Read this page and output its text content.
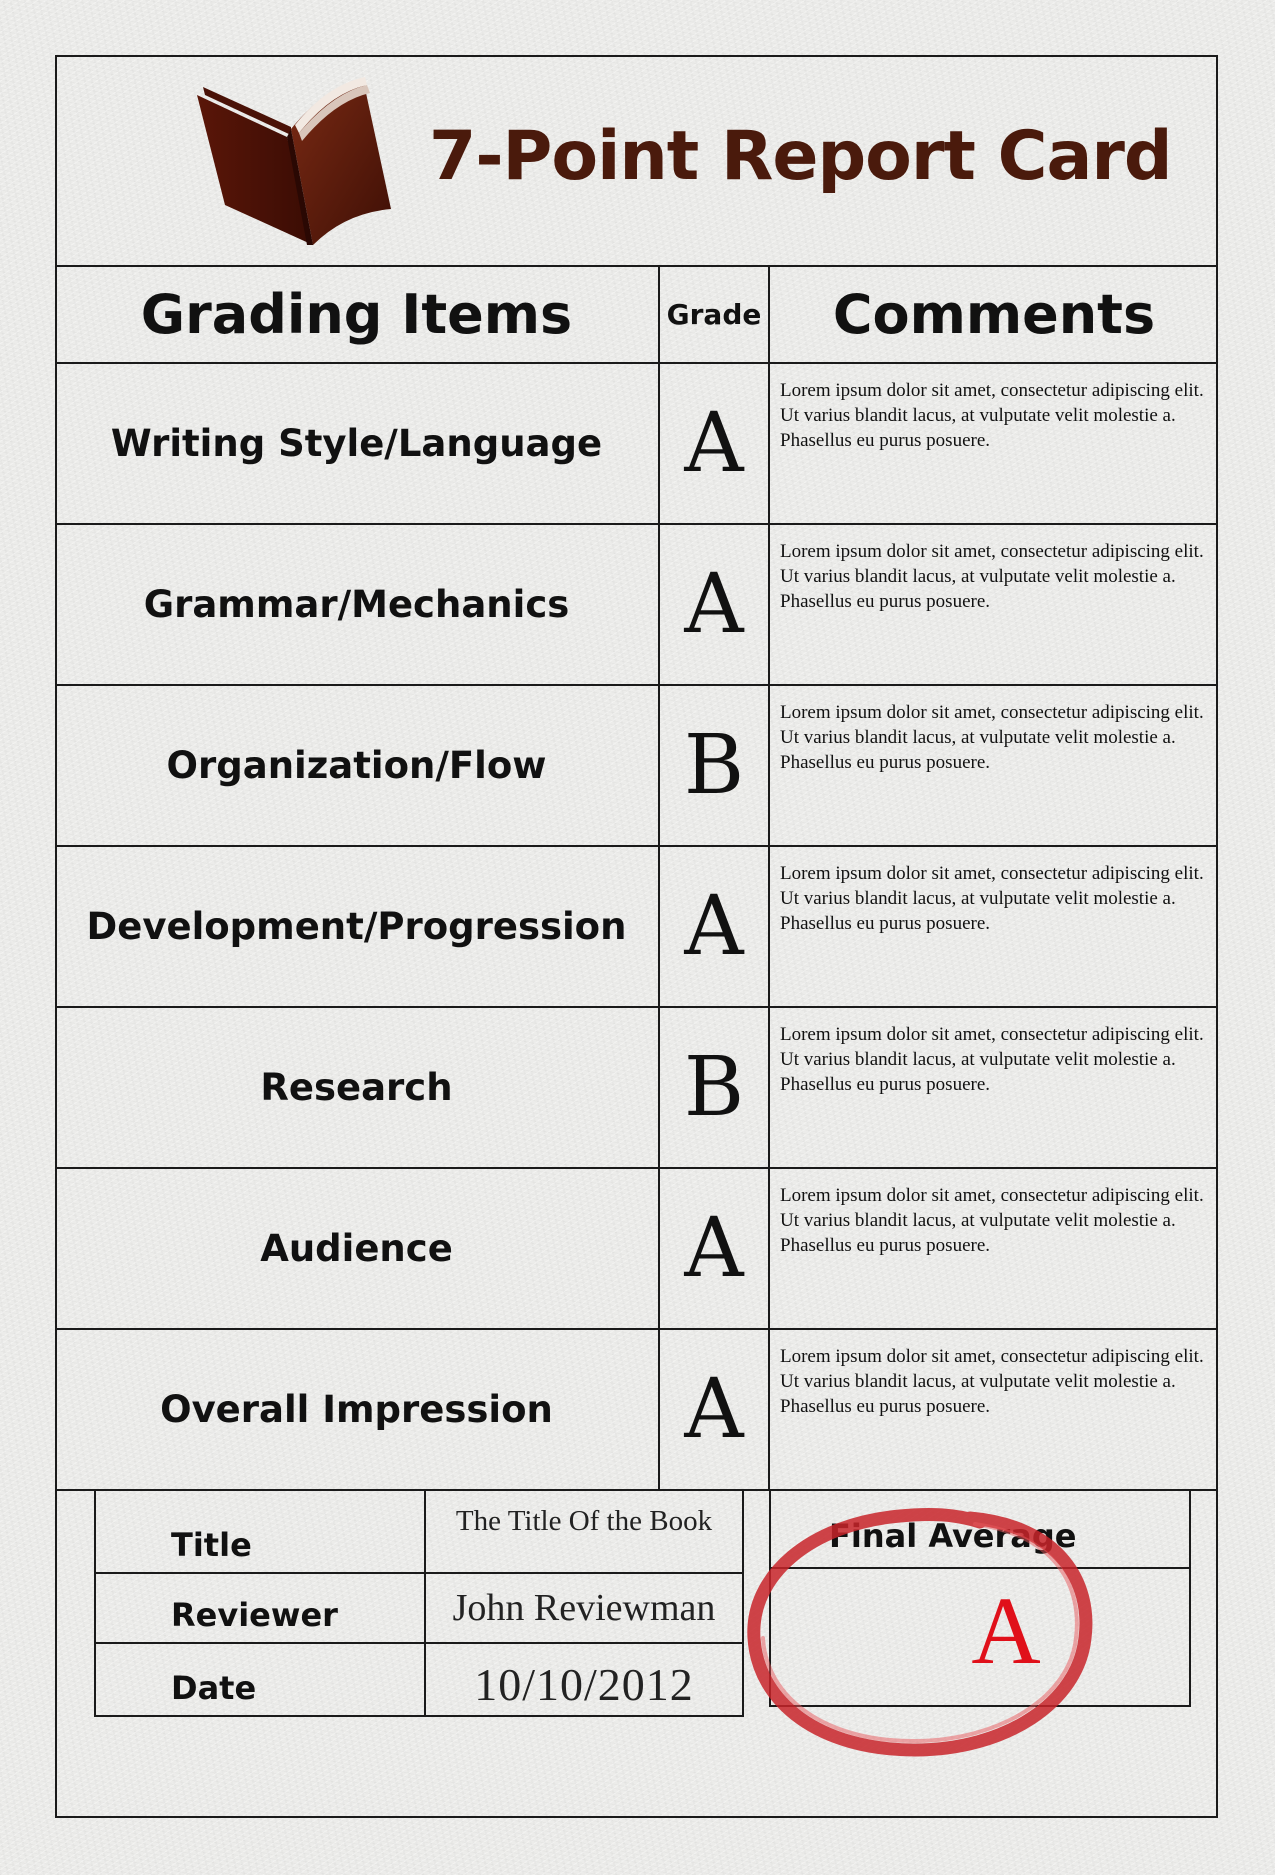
7-Point Report Card
Grading Items	Grade	Comments
Writing Style/Language	A	Lorem ipsum dolor sit amet, consectetur adipiscing elit. Ut varius blandit lacus, at vulputate velit molestie a. Phasellus eu purus posuere.
Grammar/Mechanics	A	Lorem ipsum dolor sit amet, consectetur adipiscing elit. Ut varius blandit lacus, at vulputate velit molestie a. Phasellus eu purus posuere.
Organization/Flow	B	Lorem ipsum dolor sit amet, consectetur adipiscing elit. Ut varius blandit lacus, at vulputate velit molestie a. Phasellus eu purus posuere.
Development/Progression	A	Lorem ipsum dolor sit amet, consectetur adipiscing elit. Ut varius blandit lacus, at vulputate velit molestie a. Phasellus eu purus posuere.
Research	B	Lorem ipsum dolor sit amet, consectetur adipiscing elit. Ut varius blandit lacus, at vulputate velit molestie a. Phasellus eu purus posuere.
Audience	A	Lorem ipsum dolor sit amet, consectetur adipiscing elit. Ut varius blandit lacus, at vulputate velit molestie a. Phasellus eu purus posuere.
Overall Impression	A	Lorem ipsum dolor sit amet, consectetur adipiscing elit. Ut varius blandit lacus, at vulputate velit molestie a. Phasellus eu purus posuere.
Title	The Title Of the Book
Reviewer	John Reviewman
Date	10/10/2012
Final Average
A
